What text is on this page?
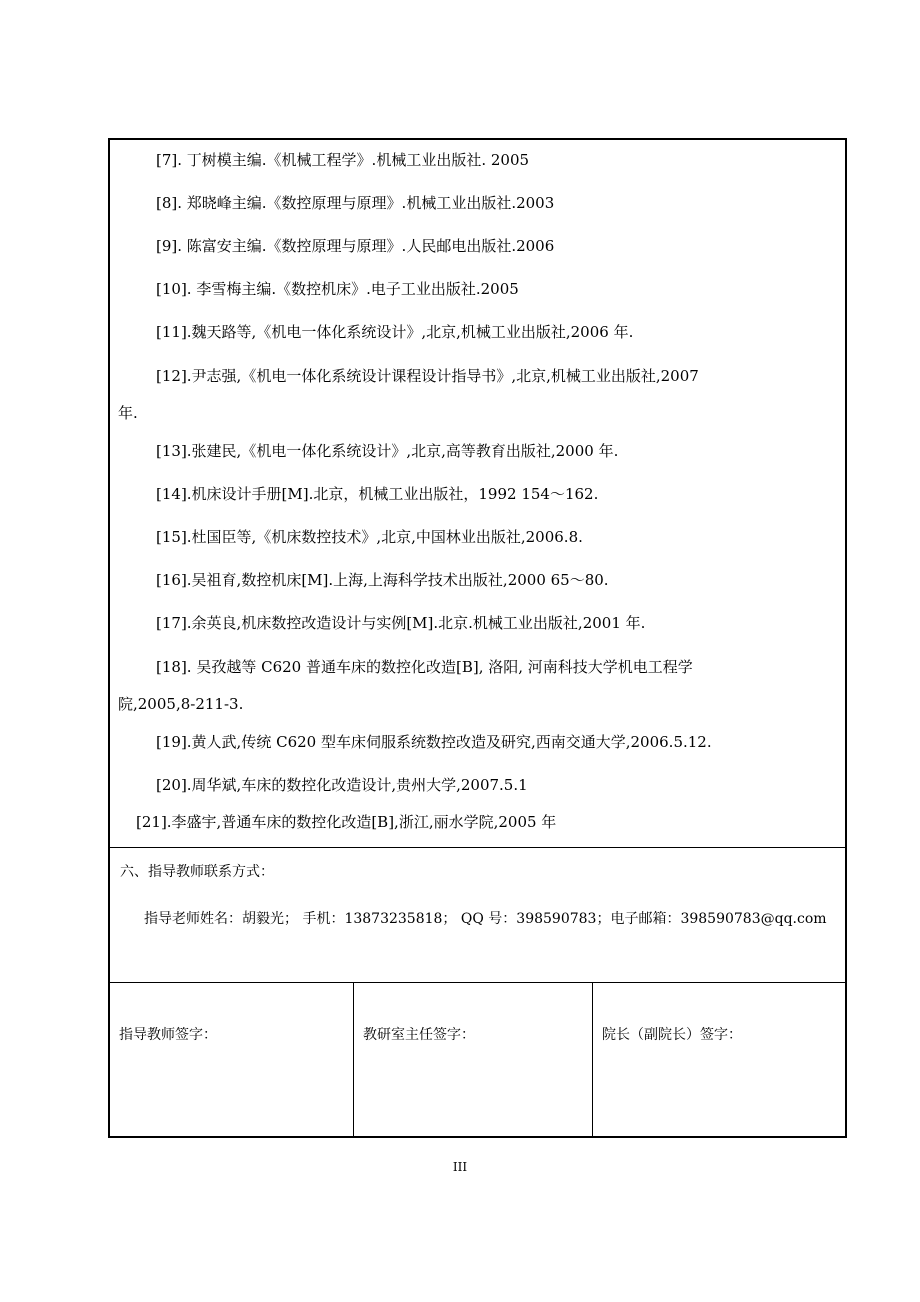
[7]. 丁树模主编.《机械工程学》.机械工业出版社. 2005
[8]. 郑晓峰主编.《数控原理与原理》.机械工业出版社.2003
[9]. 陈富安主编.《数控原理与原理》.人民邮电出版社.2006
[10]. 李雪梅主编.《数控机床》.电子工业出版社.2005
[11].魏天路等,《机电一体化系统设计》,北京,机械工业出版社,2006 年.
[12].尹志强,《机电一体化系统设计课程设计指导书》,北京,机械工业出版社,2007
年.
[13].张建民,《机电一体化系统设计》,北京,高等教育出版社,2000 年.
[14].机床设计手册[M].北京，机械工业出版社，1992 154～162.
[15].杜国臣等,《机床数控技术》,北京,中国林业出版社,2006.8.
[16].吴祖育,数控机床[M].上海,上海科学技术出版社,2000 65～80.
[17].余英良,机床数控改造设计与实例[M].北京.机械工业出版社,2001 年.
[18]. 吴孜越等 C620 普通车床的数控化改造[B], 洛阳, 河南科技大学机电工程学
院,2005,8-211-3.
[19].黄人武,传统 C620 型车床伺服系统数控改造及研究,西南交通大学,2006.5.12.
[20].周华斌,车床的数控化改造设计,贵州大学,2007.5.1
[21].李盛宇,普通车床的数控化改造[B],浙江,丽水学院,2005 年
六、指导教师联系方式：
指导老师姓名：胡毅光； 手机：13873235818； QQ 号：398590783；电子邮箱：398590783@qq.com
指导教师签字：	教研室主任签字：	院长（副院长）签字：
III
